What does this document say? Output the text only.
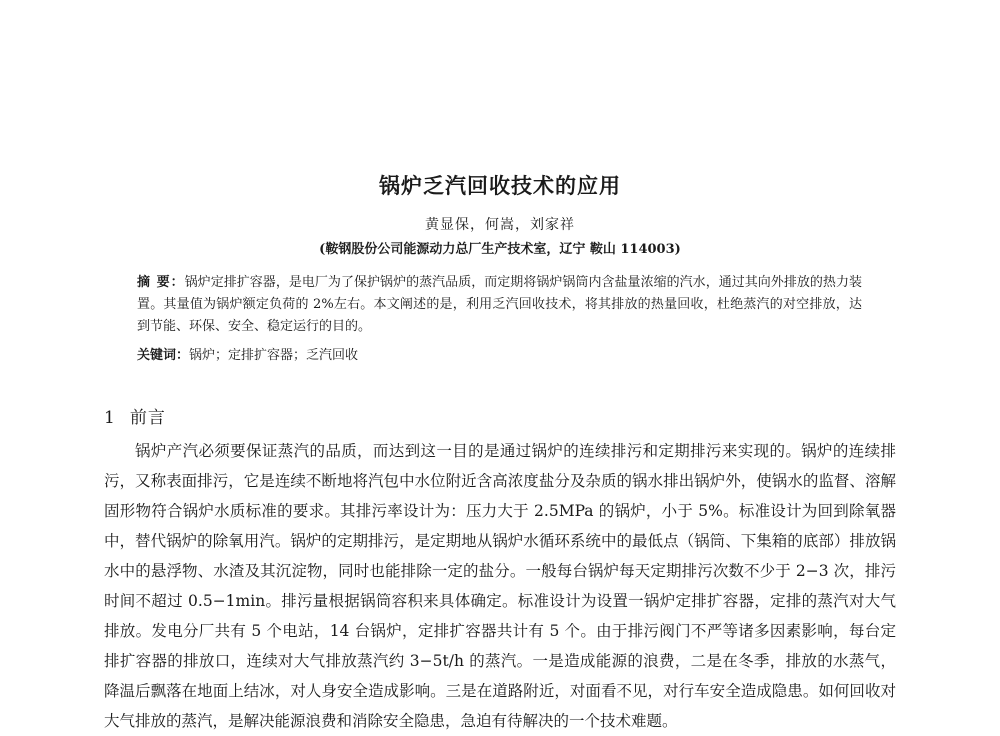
锅炉乏汽回收技术的应用
黄显保，何嵩，刘家祥
(鞍钢股份公司能源动力总厂生产技术室，辽宁 鞍山 114003)
摘 要：锅炉定排扩容器，是电厂为了保护锅炉的蒸汽品质，而定期将锅炉锅筒内含盐量浓缩的汽水，通过其向外排放的热力装置。其量值为锅炉额定负荷的 2%左右。本文阐述的是，利用乏汽回收技术，将其排放的热量回收，杜绝蒸汽的对空排放，达到节能、环保、安全、稳定运行的目的。
关键词：锅炉；定排扩容器；乏汽回收
1 前言
锅炉产汽必须要保证蒸汽的品质，而达到这一目的是通过锅炉的连续排污和定期排污来实现的。锅炉的连续排污，又称表面排污，它是连续不断地将汽包中水位附近含高浓度盐分及杂质的锅水排出锅炉外，使锅水的监督、溶解固形物符合锅炉水质标准的要求。其排污率设计为：压力大于 2.5MPa 的锅炉，小于 5%。标准设计为回到除氧器中，替代锅炉的除氧用汽。锅炉的定期排污，是定期地从锅炉水循环系统中的最低点（锅筒、下集箱的底部）排放锅水中的悬浮物、水渣及其沉淀物，同时也能排除一定的盐分。一般每台锅炉每天定期排污次数不少于 2−3 次，排污时间不超过 0.5−1min。排污量根据锅筒容积来具体确定。标准设计为设置一锅炉定排扩容器，定排的蒸汽对大气排放。发电分厂共有 5 个电站，14 台锅炉，定排扩容器共计有 5 个。由于排污阀门不严等诸多因素影响，每台定排扩容器的排放口，连续对大气排放蒸汽约 3−5t/h 的蒸汽。一是造成能源的浪费，二是在冬季，排放的水蒸气，降温后飘落在地面上结冰，对人身安全造成影响。三是在道路附近，对面看不见，对行车安全造成隐患。如何回收对大气排放的蒸汽，是解决能源浪费和消除安全隐患，急迫有待解决的一个技术难题。
